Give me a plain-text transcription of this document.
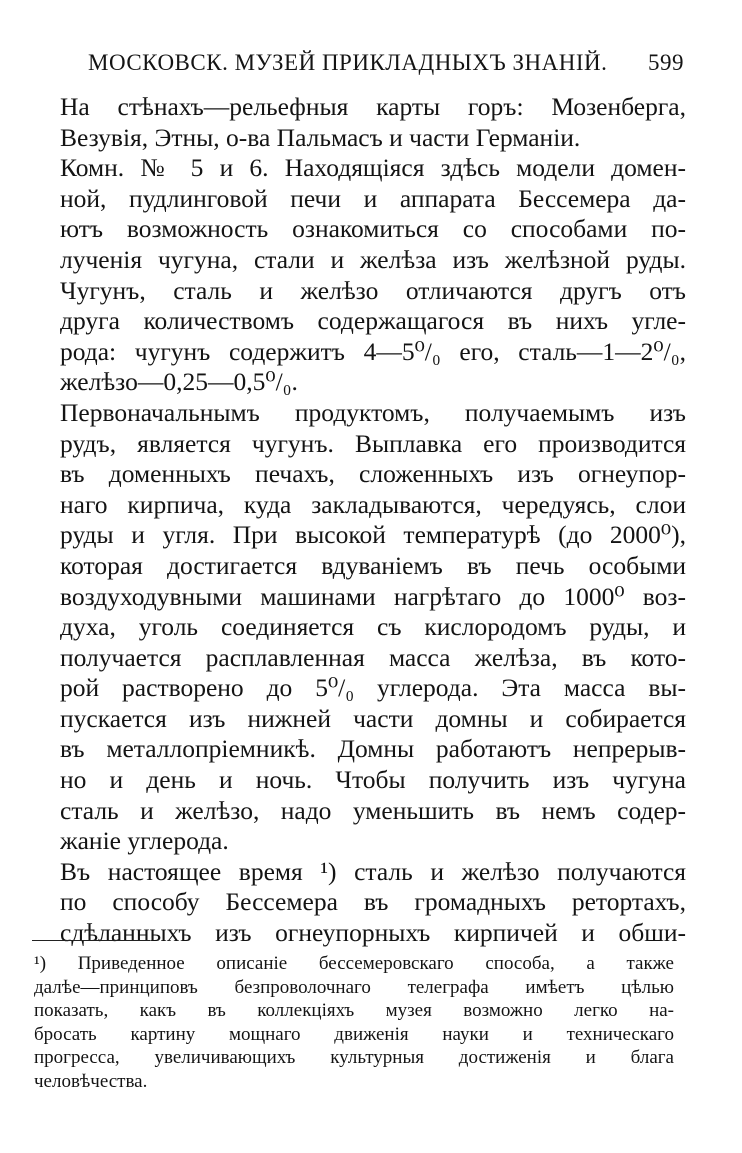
МОСКОВСК. МУЗЕЙ ПРИКЛАДНЫХЪ ЗНАНІЙ. 599
На стѣнахъ—рельефныя карты горъ: Мозенберга,
Везувія, Этны, о-ва Пальмасъ и части Германіи.
Комн. № 5 и 6. Находящіяся здѣсь модели домен-
ной, пудлинговой печи и аппарата Бессемера да-
ютъ возможность ознакомиться со способами по-
лученія чугуна, стали и желѣза изъ желѣзной руды.
Чугунъ, сталь и желѣзо отличаются другъ отъ
друга количествомъ содержащагося въ нихъ угле-
рода: чугунъ содержитъ 4—5⁰/₀ его, сталь—1—2⁰/₀,
желѣзо—0,25—0,5⁰/₀.
Первоначальнымъ продуктомъ, получаемымъ изъ
рудъ, является чугунъ. Выплавка его производится
въ доменныхъ печахъ, сложенныхъ изъ огнеупор-
наго кирпича, куда закладываются, чередуясь, слои
руды и угля. При высокой температурѣ (до 2000⁰),
которая достигается вдуваніемъ въ печь особыми
воздуходувными машинами нагрѣтаго до 1000⁰ воз-
духа, уголь соединяется съ кислородомъ руды, и
получается расплавленная масса желѣза, въ кото-
рой растворено до 5⁰/₀ углерода. Эта масса вы-
пускается изъ нижней части домны и собирается
въ металлопріемникѣ. Домны работаютъ непрерыв-
но и день и ночь. Чтобы получить изъ чугуна
сталь и желѣзо, надо уменьшить въ немъ содер-
жаніе углерода.
Въ настоящее время ¹) сталь и желѣзо получаются
по способу Бессемера въ громадныхъ ретортахъ,
сдѣланныхъ изъ огнеупорныхъ кирпичей и обши-
¹) Приведенное описаніе бессемеровскаго способа, а также
далѣе—принциповъ безпроволочнаго телеграфа имѣетъ цѣлью
показать, какъ въ коллекціяхъ музея возможно легко на-
бросать картину мощнаго движенія науки и техническаго
прогресса, увеличивающихъ культурныя достиженія и блага
человѣчества.
